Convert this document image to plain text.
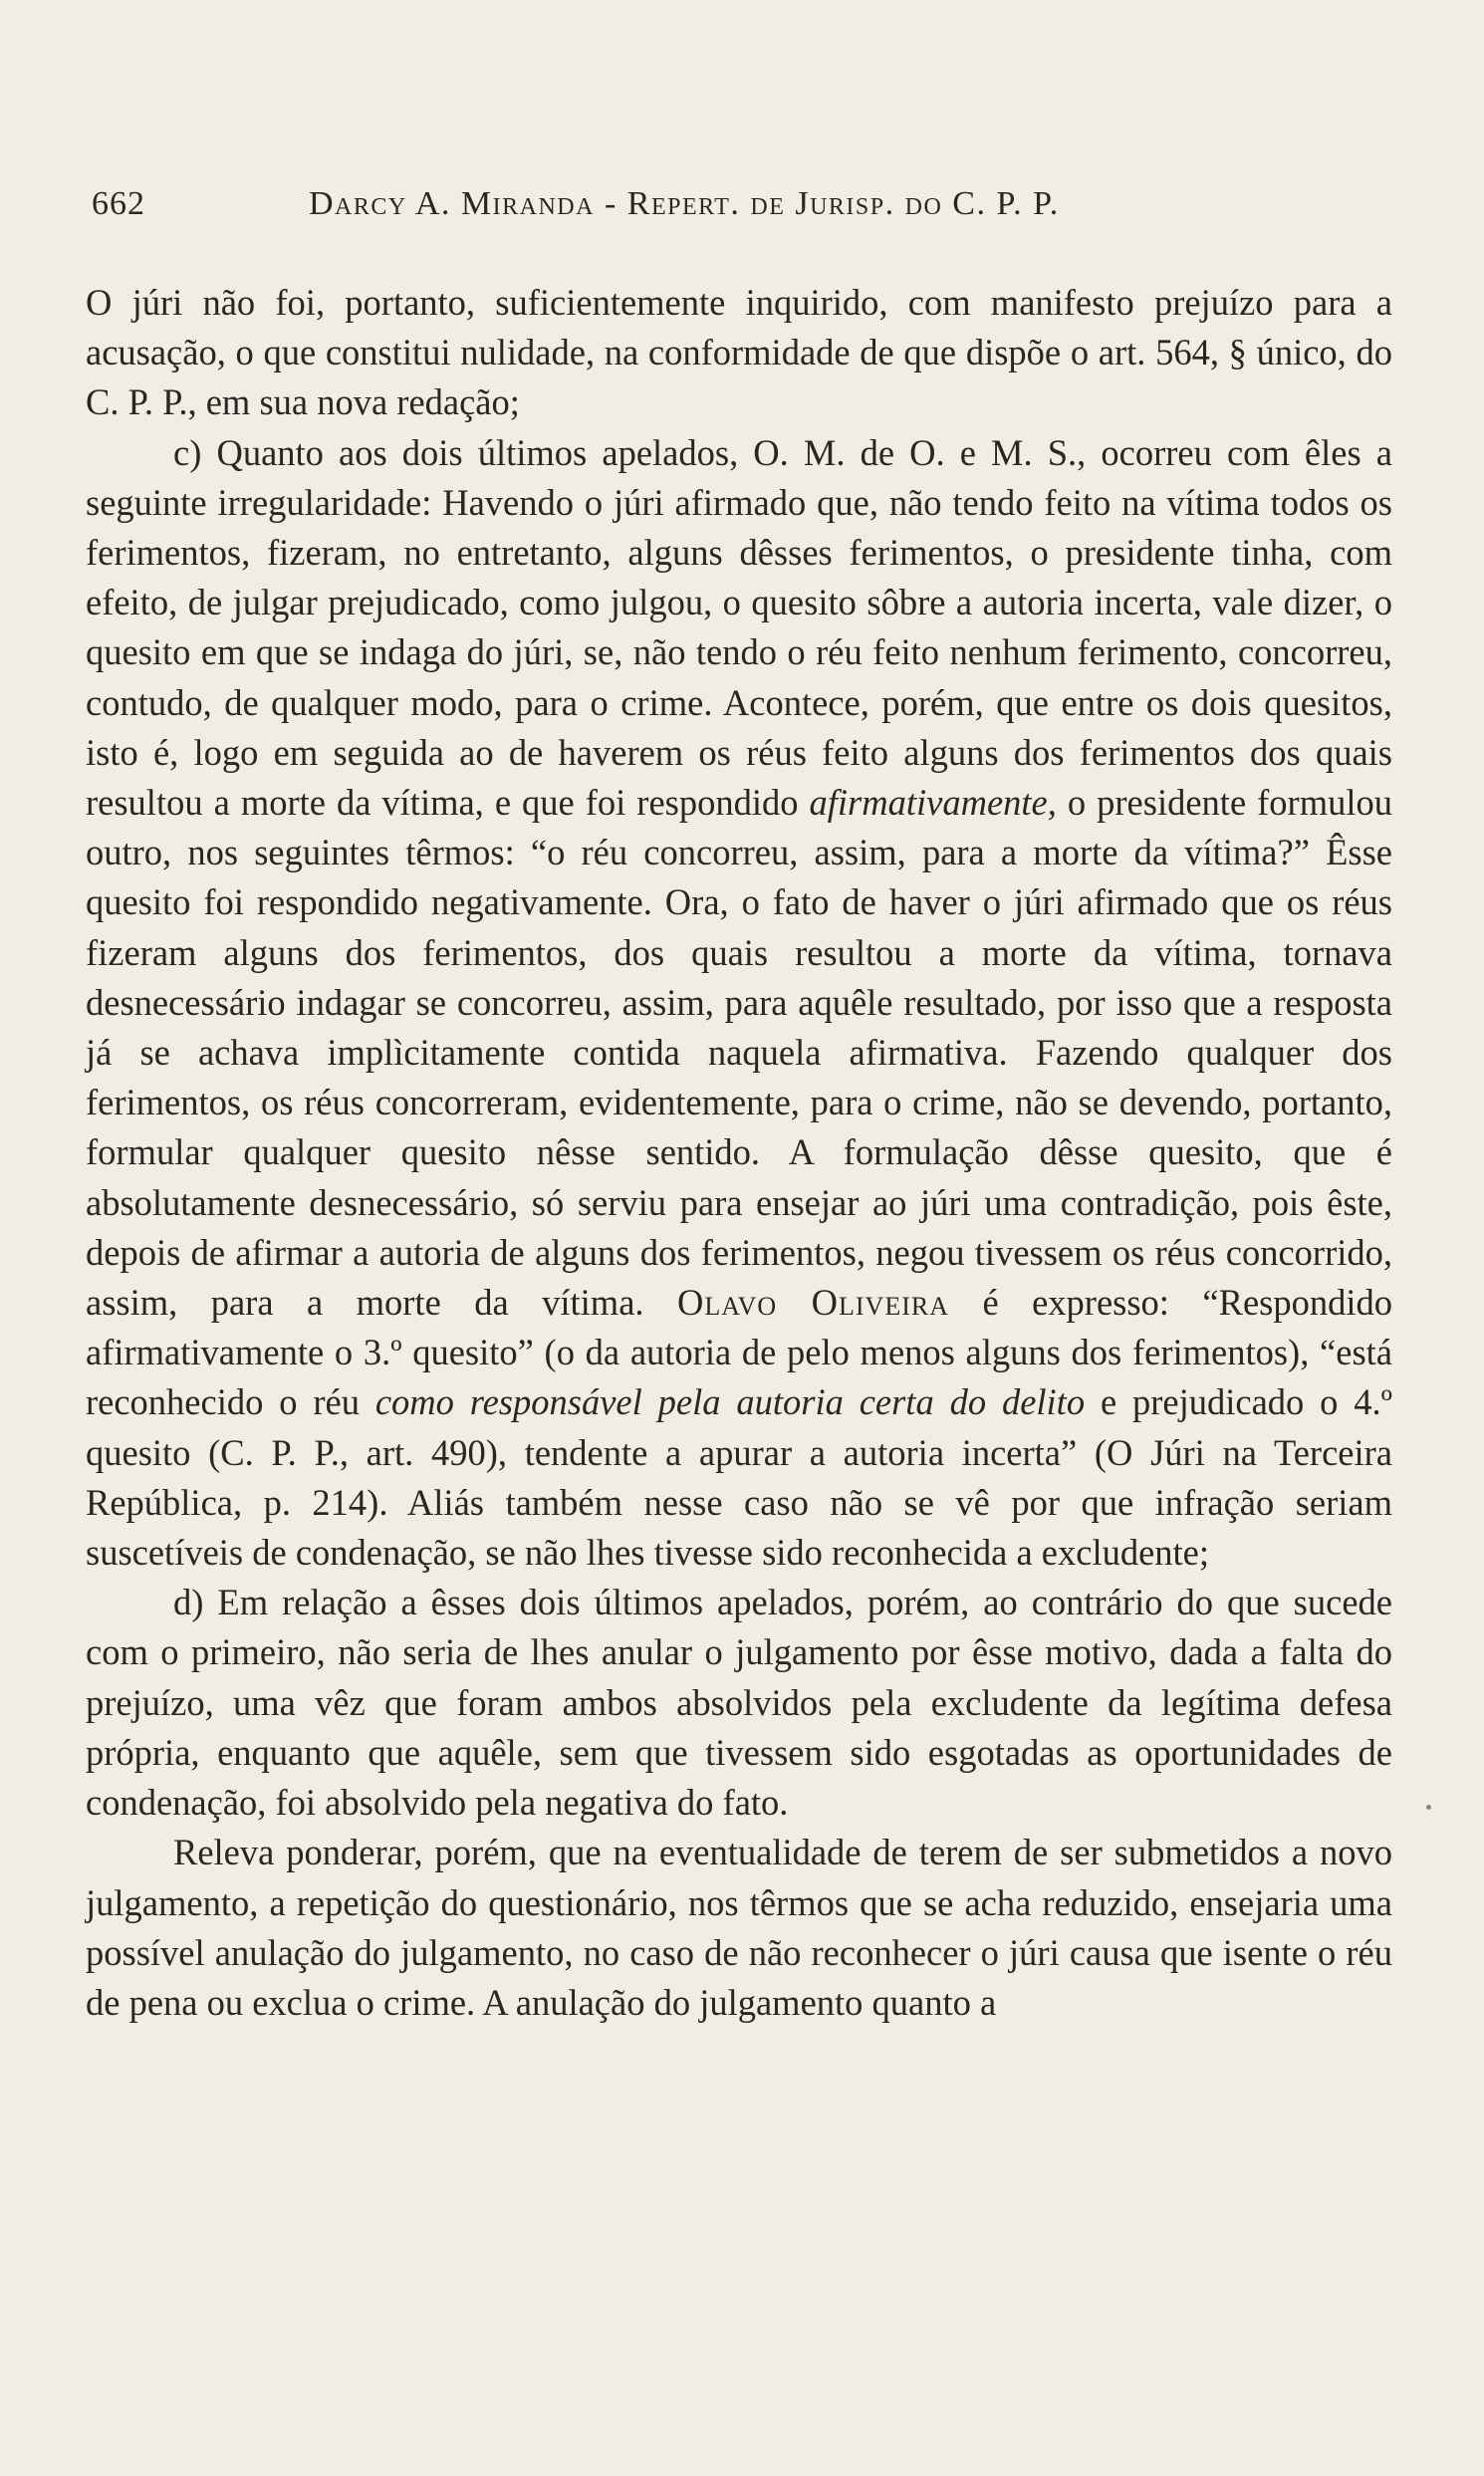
662	Darcy A. Miranda - Repert. de Jurisp. do C. P. P.

O júri não foi, portanto, suficientemente inquirido, com manifesto prejuízo para a acusação, o que constitui nulidade, na conformidade de que dispõe o art. 564, § único, do C. P. P., em sua nova redação;

c) Quanto aos dois últimos apelados, O. M. de O. e M. S., ocorreu com êles a seguinte irregularidade: Havendo o júri afirmado que, não tendo feito na vítima todos os ferimentos, fizeram, no entretanto, alguns dêsses ferimentos, o presidente tinha, com efeito, de julgar prejudicado, como julgou, o quesito sôbre a autoria incerta, vale dizer, o quesito em que se indaga do júri, se, não tendo o réu feito nenhum ferimento, concorreu, contudo, de qualquer modo, para o crime. Acontece, porém, que entre os dois quesitos, isto é, logo em seguida ao de haverem os réus feito alguns dos ferimentos dos quais resultou a morte da vítima, e que foi respondido afirmativamente, o presidente formulou outro, nos seguintes têrmos: “o réu concorreu, assim, para a morte da vítima?” Êsse quesito foi respondido negativamente. Ora, o fato de haver o júri afirmado que os réus fizeram alguns dos ferimentos, dos quais resultou a morte da vítima, tornava desnecessário indagar se concorreu, assim, para aquêle resultado, por isso que a resposta já se achava implìcitamente contida naquela afirmativa. Fazendo qualquer dos ferimentos, os réus concorreram, evidentemente, para o crime, não se devendo, portanto, formular qualquer quesito nêsse sentido. A formulação dêsse quesito, que é absolutamente desnecessário, só serviu para ensejar ao júri uma contradição, pois êste, depois de afirmar a autoria de alguns dos ferimentos, negou tivessem os réus concorrido, assim, para a morte da vítima. Olavo Oliveira é expresso: “Respondido afirmativamente o 3.º quesito” (o da autoria de pelo menos alguns dos ferimentos), “está reconhecido o réu como responsável pela autoria certa do delito e prejudicado o 4.º quesito (C. P. P., art. 490), tendente a apurar a autoria incerta” (O Júri na Terceira República, p. 214). Aliás também nesse caso não se vê por que infração seriam suscetíveis de condenação, se não lhes tivesse sido reconhecida a excludente;

d) Em relação a êsses dois últimos apelados, porém, ao contrário do que sucede com o primeiro, não seria de lhes anular o julgamento por êsse motivo, dada a falta do prejuízo, uma vêz que foram ambos absolvidos pela excludente da legítima defesa própria, enquanto que aquêle, sem que tivessem sido esgotadas as oportunidades de condenação, foi absolvido pela negativa do fato.

Releva ponderar, porém, que na eventualidade de terem de ser submetidos a novo julgamento, a repetição do questionário, nos têrmos que se acha reduzido, ensejaria uma possível anulação do julgamento, no caso de não reconhecer o júri causa que isente o réu de pena ou exclua o crime. A anulação do julgamento quanto a
